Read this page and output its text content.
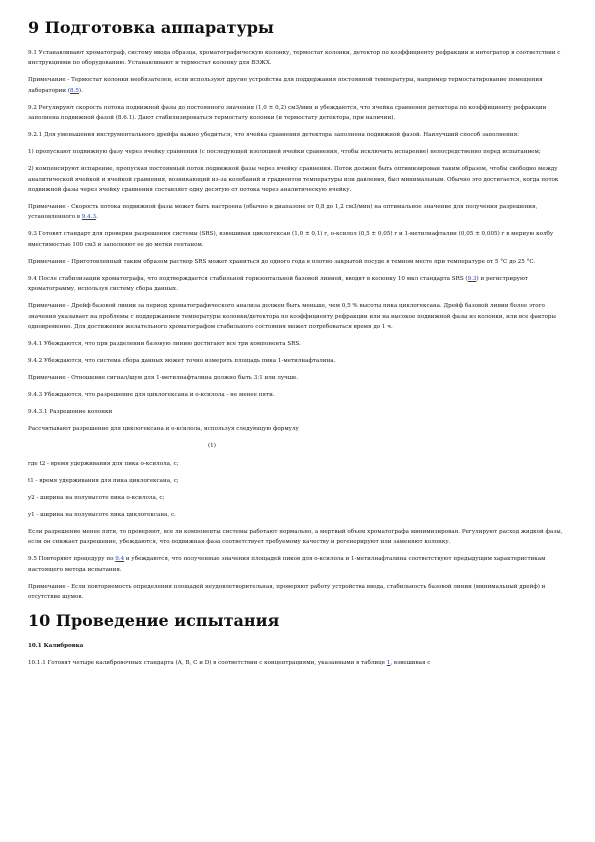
9 Подготовка аппаратуры

9.1 Устанавливают хроматограф, систему ввода образца, хроматографическую колонку, термостат колонки, детектор по коэффициенту рефракции и интегратор в соответствии с инструкциями по оборудованию. Устанавливают и термостат колонку для ВЭЖХ.

Примечание - Термостат колонки необязателен, если используют другие устройства для поддержания постоянной температуры, например термостатирование помещения лаборатории (8.5).

9.2 Регулируют скорость потока подвижной фазы до постоянного значения (1,0 ± 0,2) см3/мин и убеждаются, что ячейка сравнения детектора по коэффициенту рефракции заполнена подвижной фазой (8.6.1). Дают стабилизироваться термостату колонки (и термостату детектора, при наличии).

9.2.1 Для уменьшения инструментального дрейфа важно убедиться, что ячейка сравнения детектора заполнена подвижной фазой. Наилучший способ заполнения:

1) пропускают подвижную фазу через ячейку сравнения (с последующей изоляцией ячейки сравнения, чтобы исключить испарение) непосредственно перед испытанием;

2) компенсируют испарение, пропуская постоянный поток подвижной фазы через ячейку сравнения. Поток должен быть оптимизирован таким образом, чтобы свободно между аналитической ячейкой и ячейкой сравнения, возникающий из-за колебаний и градиентов температуры или давления, был минимальным. Обычно это достигается, когда поток подвижной фазы через ячейку сравнения составляет одну десятую от потока через аналитическую ячейку.

Примечание - Скорость потока подвижной фазы может быть настроена (обычно в диапазоне от 0,8 до 1,2 см3/мин) на оптимальное значение для получения разрешения, установленного в 9.4.3.

9.3 Готовят стандарт для проверки разрешения системы (SRS), взвешивая циклогексан (1,0 ± 0,1) г, о-ксилол (0,5 ± 0,05) г и 1-метилнафталин (0,05 ± 0,005) г в мерную колбу вместимостью 100 см3 и заполняют ее до метки гептаном.

Примечание - Приготовленный таким образом раствор SRS может храниться до одного года в плотно закрытой посуде в темном месте при температуре от 5 °С до 25 °С.

9.4 После стабилизации хроматографа, что подтверждается стабильной горизонтальной базовой линией, вводят в колонку 10 мкл стандарта SRS (9.3) и регистрируют хроматограмму, используя систему сбора данных.

Примечание - Дрейф базовой линии за период хроматографического анализа должен быть меньше, чем 0,5 % высоты пика циклогексана. Дрейф базовой линии более этого значения указывает на проблемы с поддержанием температуры колонки/детектора по коэффициенту рефракции или на высокое подвижной фазы из колонки, или все факторы одновременно. Для достижения желательного хроматографом стабильного состояния может потребоваться время до 1 ч.

9.4.1 Убеждаются, что при разделении базовую линию достигают все три компонента SRS.

9.4.2 Убеждаются, что система сбора данных может точно измерять площадь пика 1-метилнафталина.

Примечание - Отношение сигнал/шум для 1-метилнафталина должно быть 3:1 или лучше.

9.4.3 Убеждаются, что разрешение для циклогексана и о-ксилола - не менее пяти.

9.4.3.1 Разрешение колонки

Рассчитывают разрешение для циклогексана и о-ксилола, используя следующую формулу

(1)

где t2 - время удерживания для пика о-ксилола, с;

t1 - время удерживания для пика циклогексана, с;

y2 - ширина на полувысоте пика о-ксилола, с;

y1 - ширина на полувысоте пика циклогексана, с.

Если разрешение менее пяти, то проверяют, все ли компоненты системы работают нормально, а мертвый объем хроматографа минимизирован. Регулируют расход жидкой фазы, если он снижает разрешение, убеждаются, что подвижная фаза соответствует требуемому качеству и регенерируют или заменяют колонку.

9.5 Повторяют процедуру по 9.4 и убеждаются, что полученные значения площадей пиков для о-ксилола и 1-метилнафталина соответствуют предыдущим характеристикам настоящего метода испытания.

Примечание - Если повторяемость определения площадей неудовлетворительная, проверяют работу устройства ввода, стабильность базовой линии (минимальный дрейф) и отсутствие шумов.

10 Проведение испытания

10.1 Калибровка

10.1.1 Готовят четыре калибровочных стандарта (А, В, С и D) в соответствии с концентрациями, указанными в таблице 1, взвешивая с
